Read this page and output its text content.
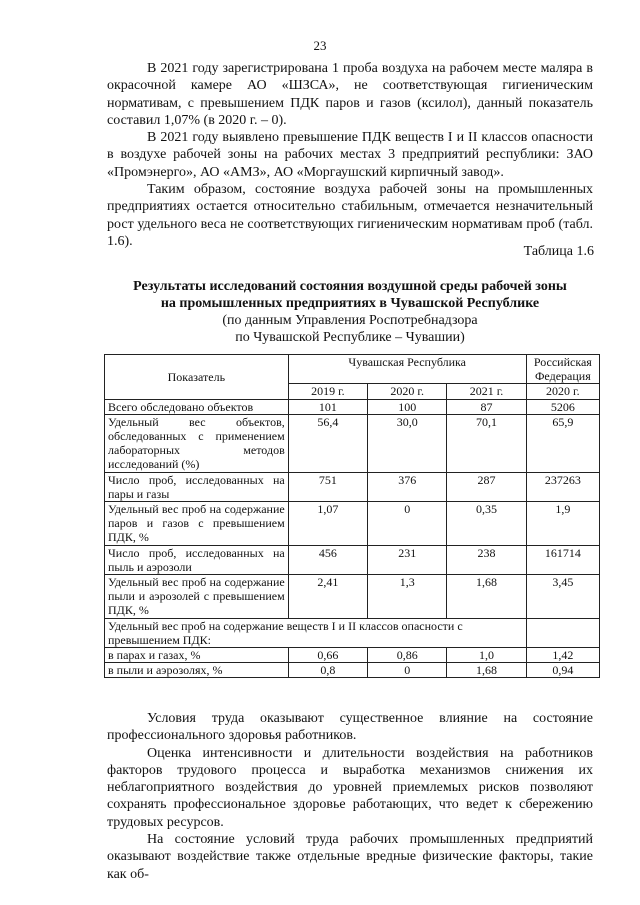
23

В 2021 году зарегистрирована 1 проба воздуха на рабочем месте маляра в окрасочной камере АО «ШЗСА», не соответствующая гигиеническим нормативам, с превышением ПДК паров и газов (ксилол), данный показатель составил 1,07% (в 2020 г. – 0).

В 2021 году выявлено превышение ПДК веществ I и II классов опасности в воздухе рабочей зоны на рабочих местах 3 предприятий республики: ЗАО «Промэнерго», АО «АМЗ», АО «Моргаушский кирпичный завод».

Таким образом, состояние воздуха рабочей зоны на промышленных предприятиях остается относительно стабильным, отмечается незначительный рост удельного веса не соответствующих гигиеническим нормативам проб (табл. 1.6).

Таблица 1.6
Результаты исследований состояния воздушной среды рабочей зоны
на промышленных предприятиях в Чувашской Республике
(по данным Управления Роспотребнадзора
по Чувашской Республике – Чувашии)
Показатель	Чувашская Республика			Российская Федерация
	2019 г.	2020 г.	2021 г.	2020 г.
Всего обследовано объектов	101	100	87	5206
Удельный вес объектов, обследованных с применением лабораторных методов исследований (%)	56,4	30,0	70,1	65,9
Число проб, исследованных на пары и газы	751	376	287	237263
Удельный вес проб на содержание паров и газов с превышением ПДК, %	1,07	0	0,35	1,9
Число проб, исследованных на пыль и аэрозоли	456	231	238	161714
Удельный вес проб на содержание пыли и аэрозолей с превышением ПДК, %	2,41	1,3	1,68	3,45
Удельный вес проб на содержание веществ I и II классов опасности с превышением ПДК:				
в парах и газах, %	0,66	0,86	1,0	1,42
в пыли и аэрозолях, %	0,8	0	1,68	0,94

Условия труда оказывают существенное влияние на состояние профессионального здоровья работников.

Оценка интенсивности и длительности воздействия на работников факторов трудового процесса и выработка механизмов снижения их неблагоприятного воздействия до уровней приемлемых рисков позволяют сохранять профессиональное здоровье работающих, что ведет к сбережению трудовых ресурсов.

На состояние условий труда рабочих промышленных предприятий оказывают воздействие также отдельные вредные физические факторы, такие как об-
